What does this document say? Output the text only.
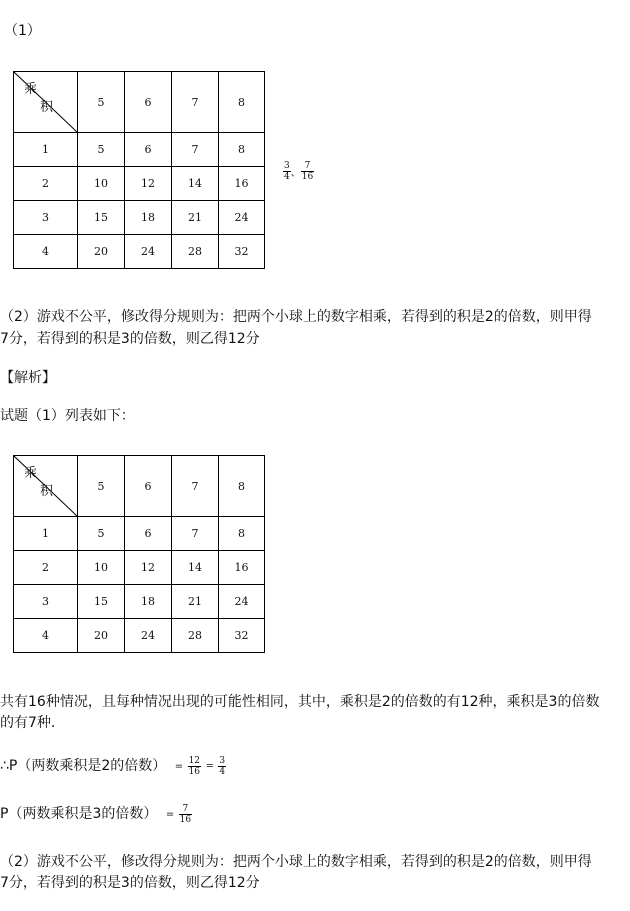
（1）
乘
积	5	6	7	8
1	5	6	7	8
2	10	12	14	16
3	15	18	21	24
4	20	24	28	32
$\frac{3}{4}$ 、 $\frac{7}{16}$
（2）游戏不公平，修改得分规则为：把两个小球上的数字相乘，若得到的积是2的倍数，则甲得
7分，若得到的积是3的倍数，则乙得12分
【解析】
试题（1）列表如下：
乘
积	5	6	7	8
1	5	6	7	8
2	10	12	14	16
3	15	18	21	24
4	20	24	28	32
共有16种情况，且每种情况出现的可能性相同，其中，乘积是2的倍数的有12种，乘积是3的倍数
的有7种.
∴P（两数乘积是2的倍数） = $\frac{12}{16} = \frac{3}{4}$
P（两数乘积是3的倍数） = $\frac{7}{16}$
（2）游戏不公平，修改得分规则为：把两个小球上的数字相乘，若得到的积是2的倍数，则甲得
7分，若得到的积是3的倍数，则乙得12分
